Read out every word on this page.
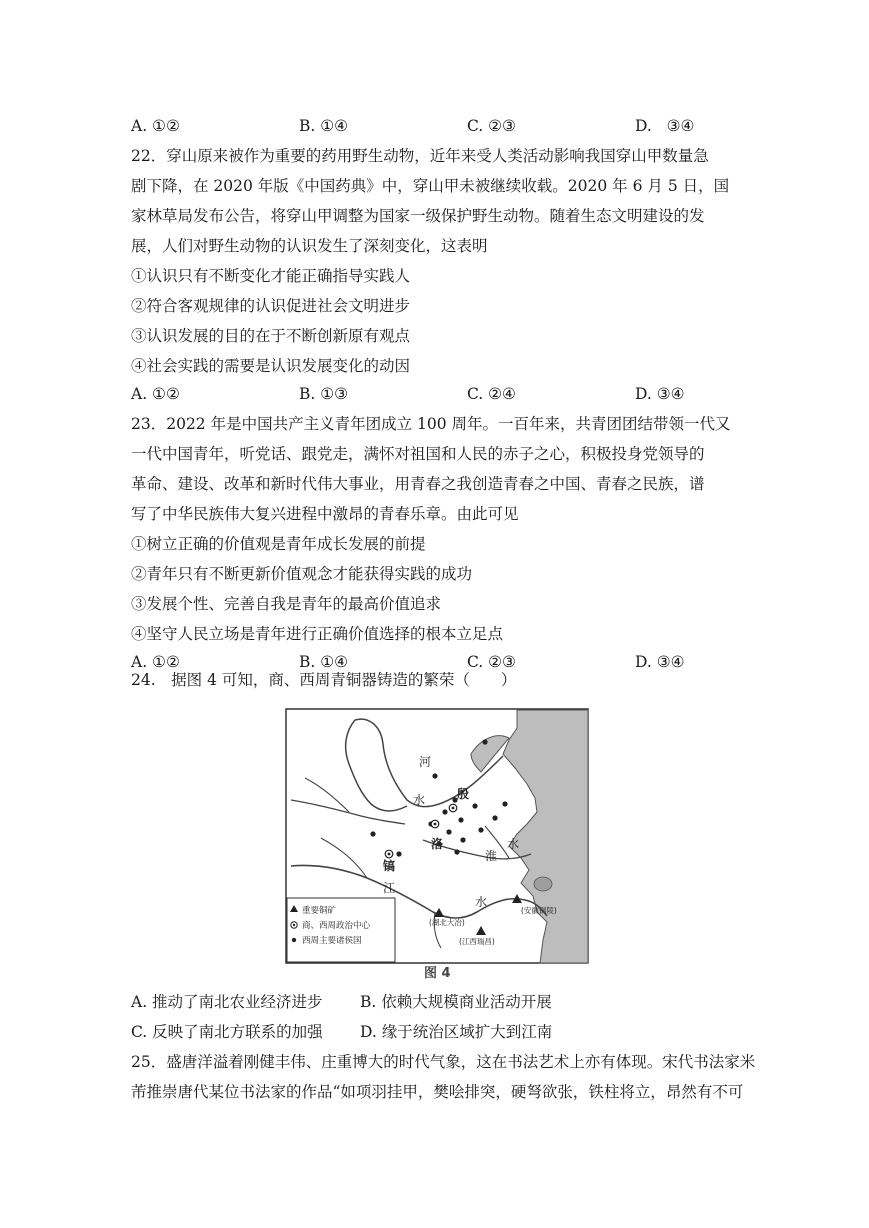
A. ①②	B. ①④	C. ②③	D.   ③④
22．穿山原来被作为重要的药用野生动物，近年来受人类活动影响我国穿山甲数量急
剧下降，在 2020 年版《中国药典》中，穿山甲未被继续收载。2020 年 6 月 5 日，国
家林草局发布公告，将穿山甲调整为国家一级保护野生动物。随着生态文明建设的发
展，人们对野生动物的认识发生了深刻变化，这表明
①认识只有不断变化才能正确指导实践人
②符合客观规律的认识促进社会文明进步
③认识发展的目的在于不断创新原有观点
④社会实践的需要是认识发展变化的动因
A. ①②	B. ①③	C. ②④	D. ③④
23．2022 年是中国共产主义青年团成立 100 周年。一百年来，共青团团结带领一代又
一代中国青年，听党话、跟党走，满怀对祖国和人民的赤子之心，积极投身党领导的
革命、建设、改革和新时代伟大事业，用青春之我创造青春之中国、青春之民族，谱
写了中华民族伟大复兴进程中激昂的青春乐章。由此可见
①树立正确的价值观是青年成长发展的前提
②青年只有不断更新价值观念才能获得实践的成功
③发展个性、完善自我是青年的最高价值追求
④坚守人民立场是青年进行正确价值选择的根本立足点
A. ①②	B. ①④	C. ②③	D. ③④
24.　据图 4 可知，商、西周青铜器铸造的繁荣（　　）
河
水	殷
洛
镐
淮
水
江
水
(湖北大冶)
(江西瑞昌)
(安徽铜陵)
重要铜矿
商、西周政治中心
西周主要诸侯国
图 4
A. 推动了南北农业经济进步 B. 依赖大规模商业活动开展
C. 反映了南北方联系的加强 D. 缘于统治区域扩大到江南
25．盛唐洋溢着刚健丰伟、庄重博大的时代气象，这在书法艺术上亦有体现。宋代书法家米
芾推崇唐代某位书法家的作品“如项羽挂甲，樊哙排突，硬弩欲张，铁柱将立，昂然有不可
